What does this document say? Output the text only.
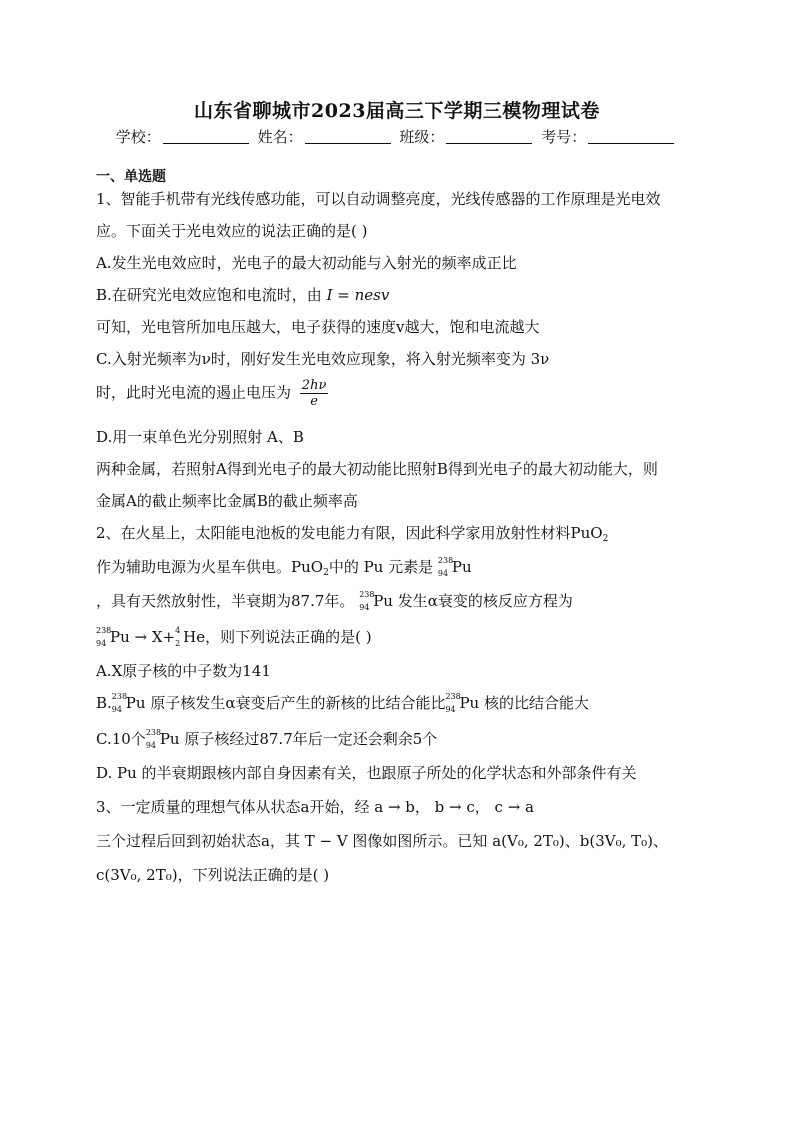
山东省聊城市2023届高三下学期三模物理试卷
学校：	姓名：	班级：	考号：
一、单选题
1、智能手机带有光线传感功能，可以自动调整亮度，光线传感器的工作原理是光电效
应。下面关于光电效应的说法正确的是( )
A.发生光电效应时，光电子的最大初动能与入射光的频率成正比
B.在研究光电效应饱和电流时，由 I = nesv
可知，光电管所加电压越大，电子获得的速度v越大，饱和电流越大
C.入射光频率为ν时，刚好发生光电效应现象，将入射光频率变为 3ν
时，此时光电流的遏止电压为 $\frac{2h\nu}{e}$
D.用一束单色光分别照射 A、B
两种金属，若照射A得到光电子的最大初动能比照射B得到光电子的最大初动能大，则
金属A的截止频率比金属B的截止频率高
2、在火星上，太阳能电池板的发电能力有限，因此科学家用放射性材料PuO$_2$
作为辅助电源为火星车供电。PuO$_2$中的 Pu 元素是 238
94 Pu
，具有天然放射性，半衰期为87.7年。 238
94 Pu 发生α衰变的核反应方程为
238
94 Pu → X+ 4
2 He，则下列说法正确的是( )
A.X原子核的中子数为141
B. 238
94 Pu 原子核发生α衰变后产生的新核的比结合能比 238
94 Pu 核的比结合能大
C.10个 238
94 Pu 原子核经过87.7年后一定还会剩余5个
D. Pu 的半衰期跟核内部自身因素有关，也跟原子所处的化学状态和外部条件有关
3、一定质量的理想气体从状态a开始，经 a → b， b → c， c → a
三个过程后回到初始状态a，其 T − V 图像如图所示。已知 a(V₀, 2T₀)、b(3V₀, T₀)、
c(3V₀, 2T₀)，下列说法正确的是( )
